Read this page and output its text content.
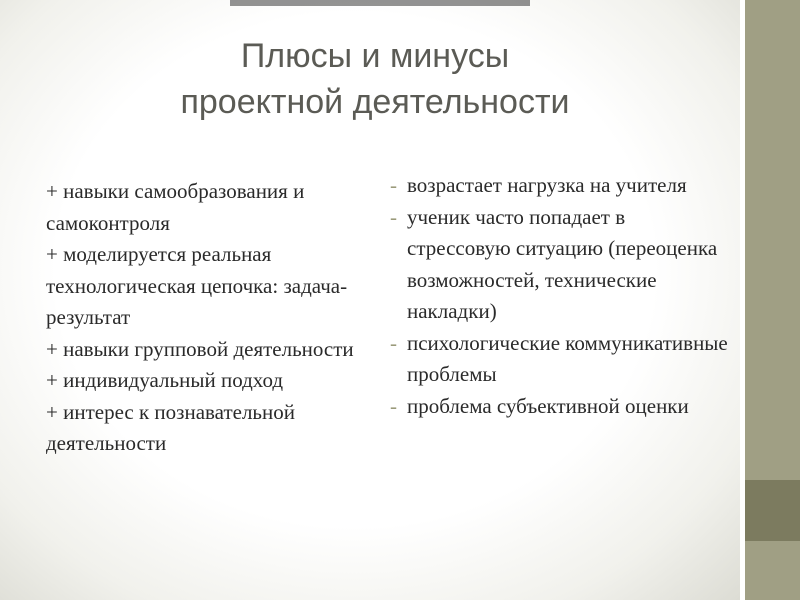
Плюсы и минусы
проектной деятельности

+ навыки самообразования и самоконтроля

+ моделируется реальная технологическая цепочка: задача-результат

+ навыки групповой деятельности

+ индивидуальный подход

+ интерес к познавательной деятельности

- возрастает нагрузка на учителя

- ученик часто попадает в стрессовую ситуацию (переоценка возможностей, технические накладки)

- психологические коммуникативные проблемы

- проблема субъективной оценки
